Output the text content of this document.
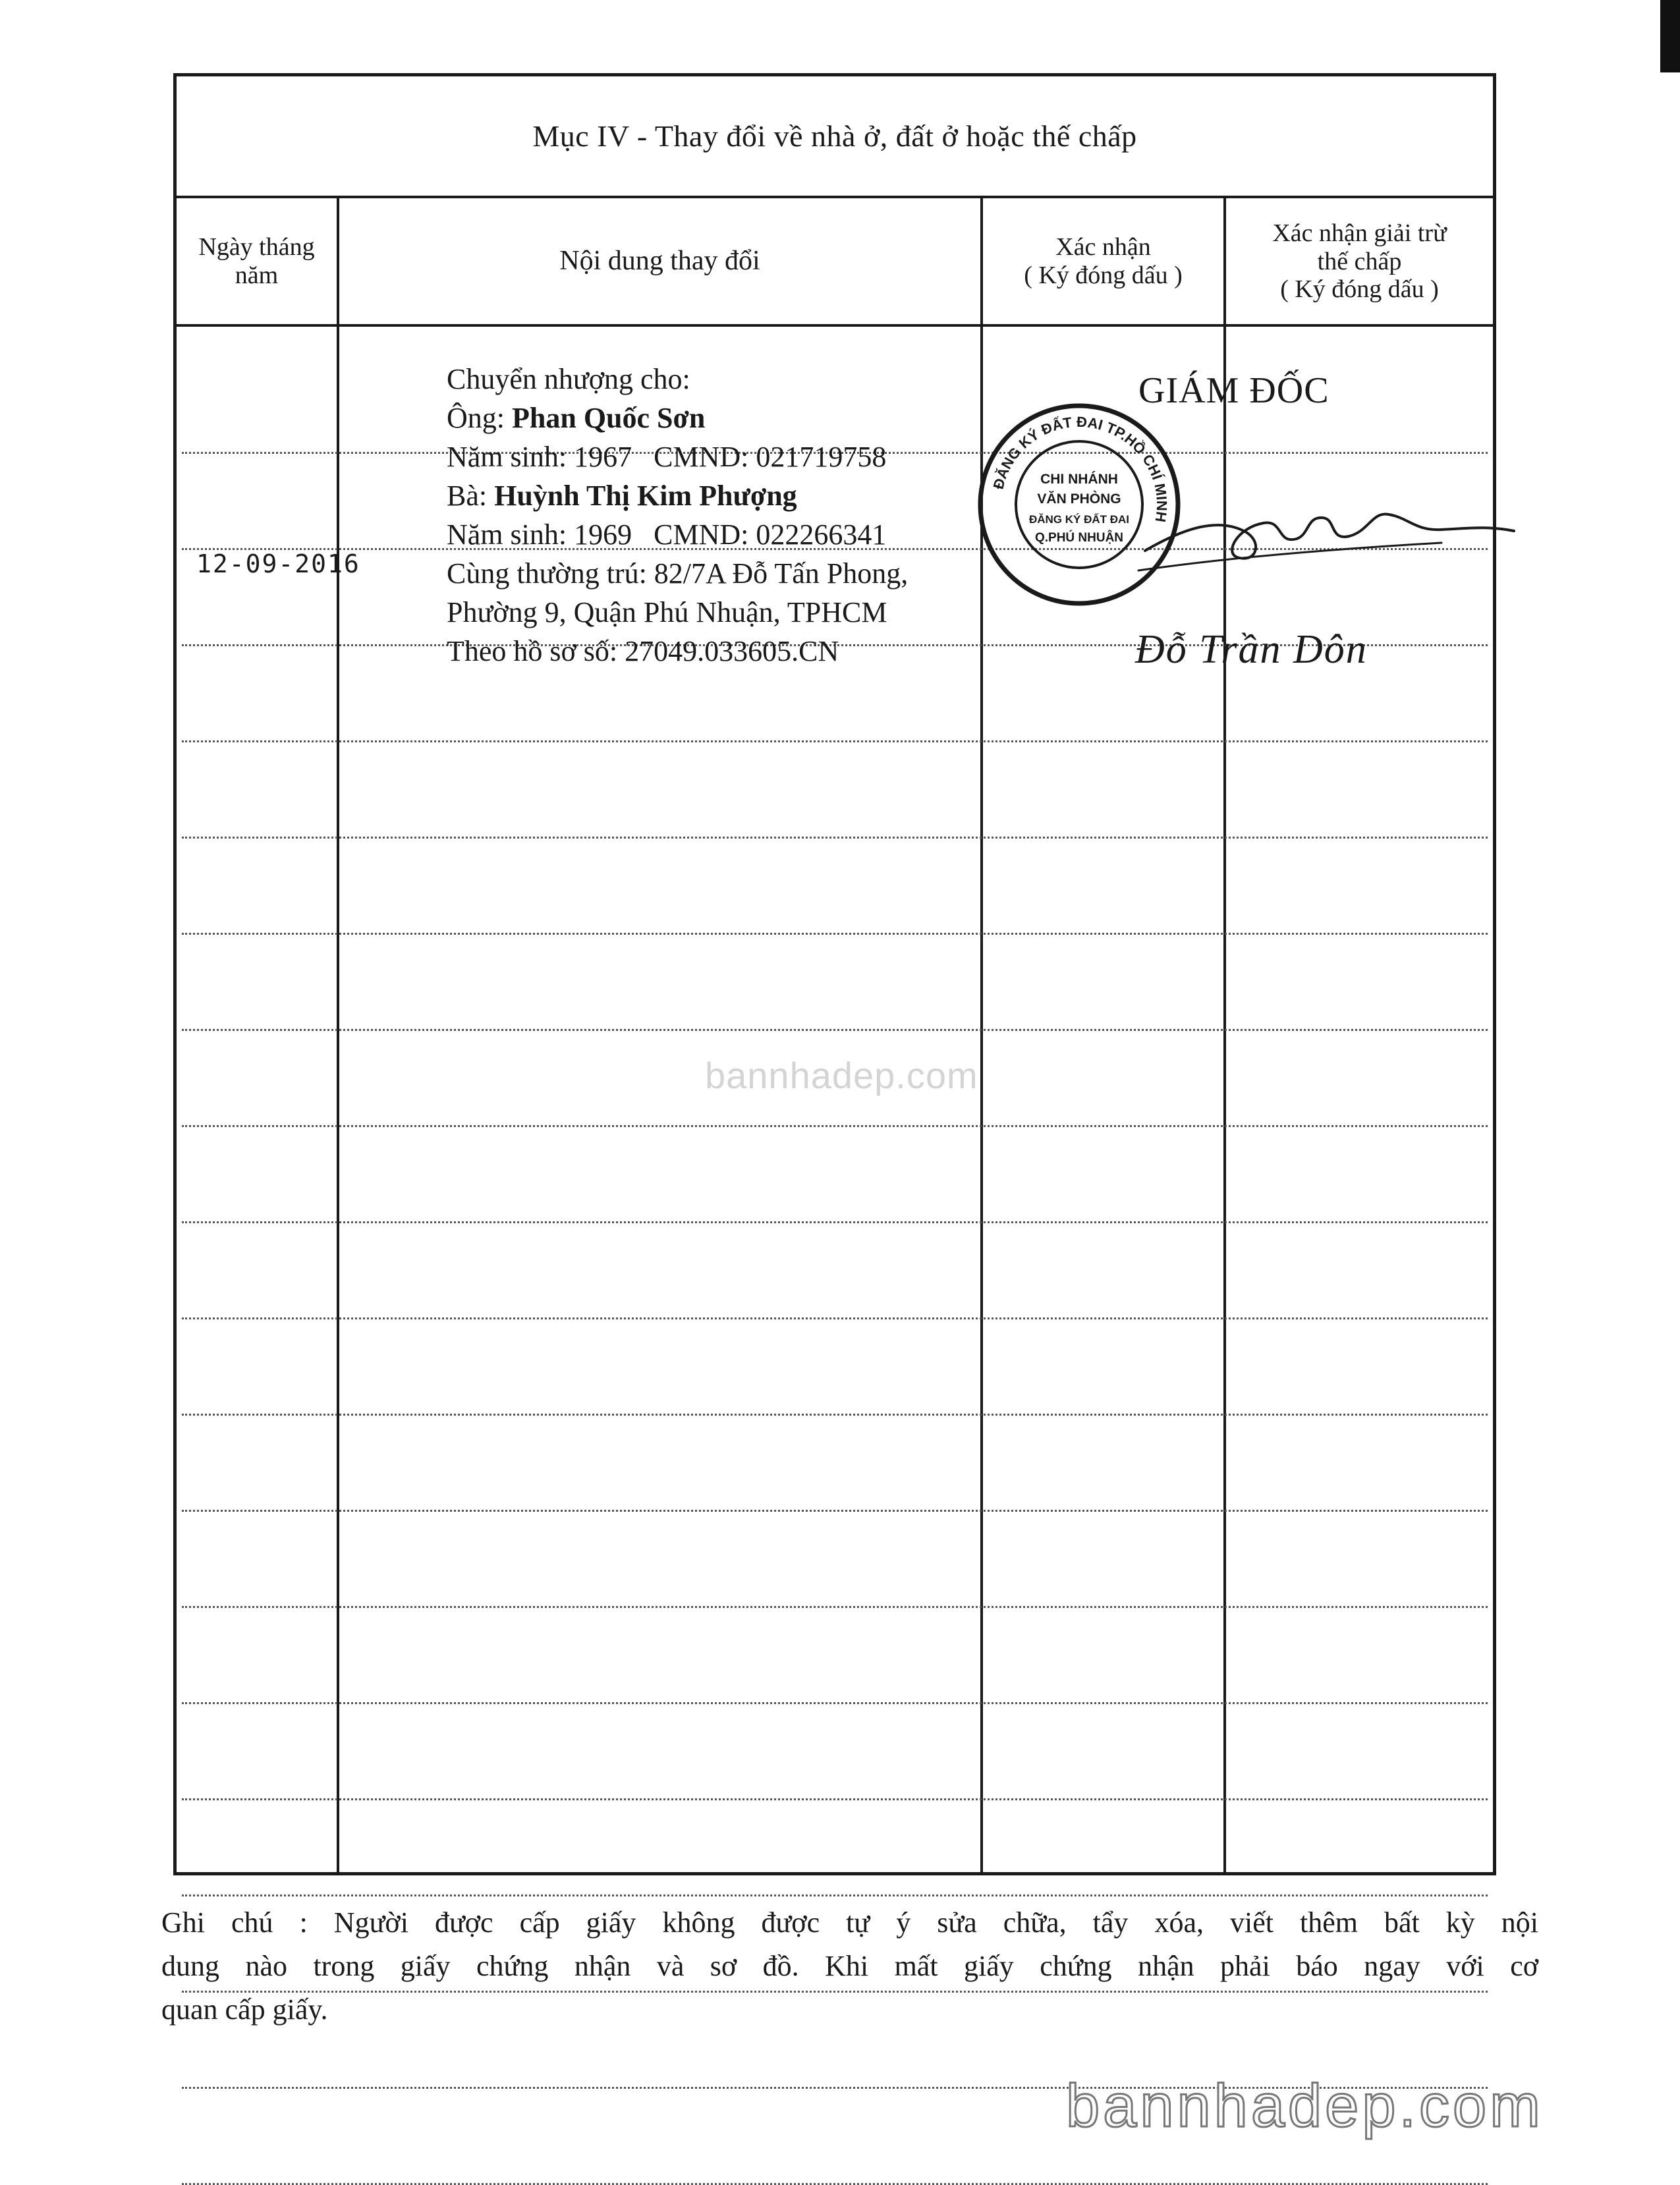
Mục IV - Thay đổi về nhà ở, đất ở hoặc thế chấp
Ngày tháng
năm	Nội dung thay đổi	Xác nhận
( Ký đóng dấu )
Xác nhận giải trừ
thế chấp
( Ký đóng dấu )
12-09-2016
Chuyển nhượng cho:
Ông: Phan Quốc Sơn
Năm sinh: 1967   CMND: 021719758
Bà: Huỳnh Thị Kim Phượng
Năm sinh: 1969   CMND: 022266341
Cùng thường trú: 82/7A Đỗ Tấn Phong,
Phường 9, Quận Phú Nhuận, TPHCM
Theo hồ sơ số: 27049.033605.CN
GIÁM ĐỐC
ĐĂNG KÝ ĐẤT ĐAI TP.HỒ CHÍ MINH
CHI NHÁNH
VĂN PHÒNG
ĐĂNG KÝ ĐẤT ĐAI
Q.PHÚ NHUẬN
Đỗ Trần Dôn
bannhadep.com
Ghi chú : Người được cấp giấy không được tự ý sửa chữa, tẩy xóa, viết thêm bất kỳ nội
dung nào trong giấy chứng nhận và sơ đồ. Khi mất giấy chứng nhận phải báo ngay với cơ
quan cấp giấy.
bannhadep.com
